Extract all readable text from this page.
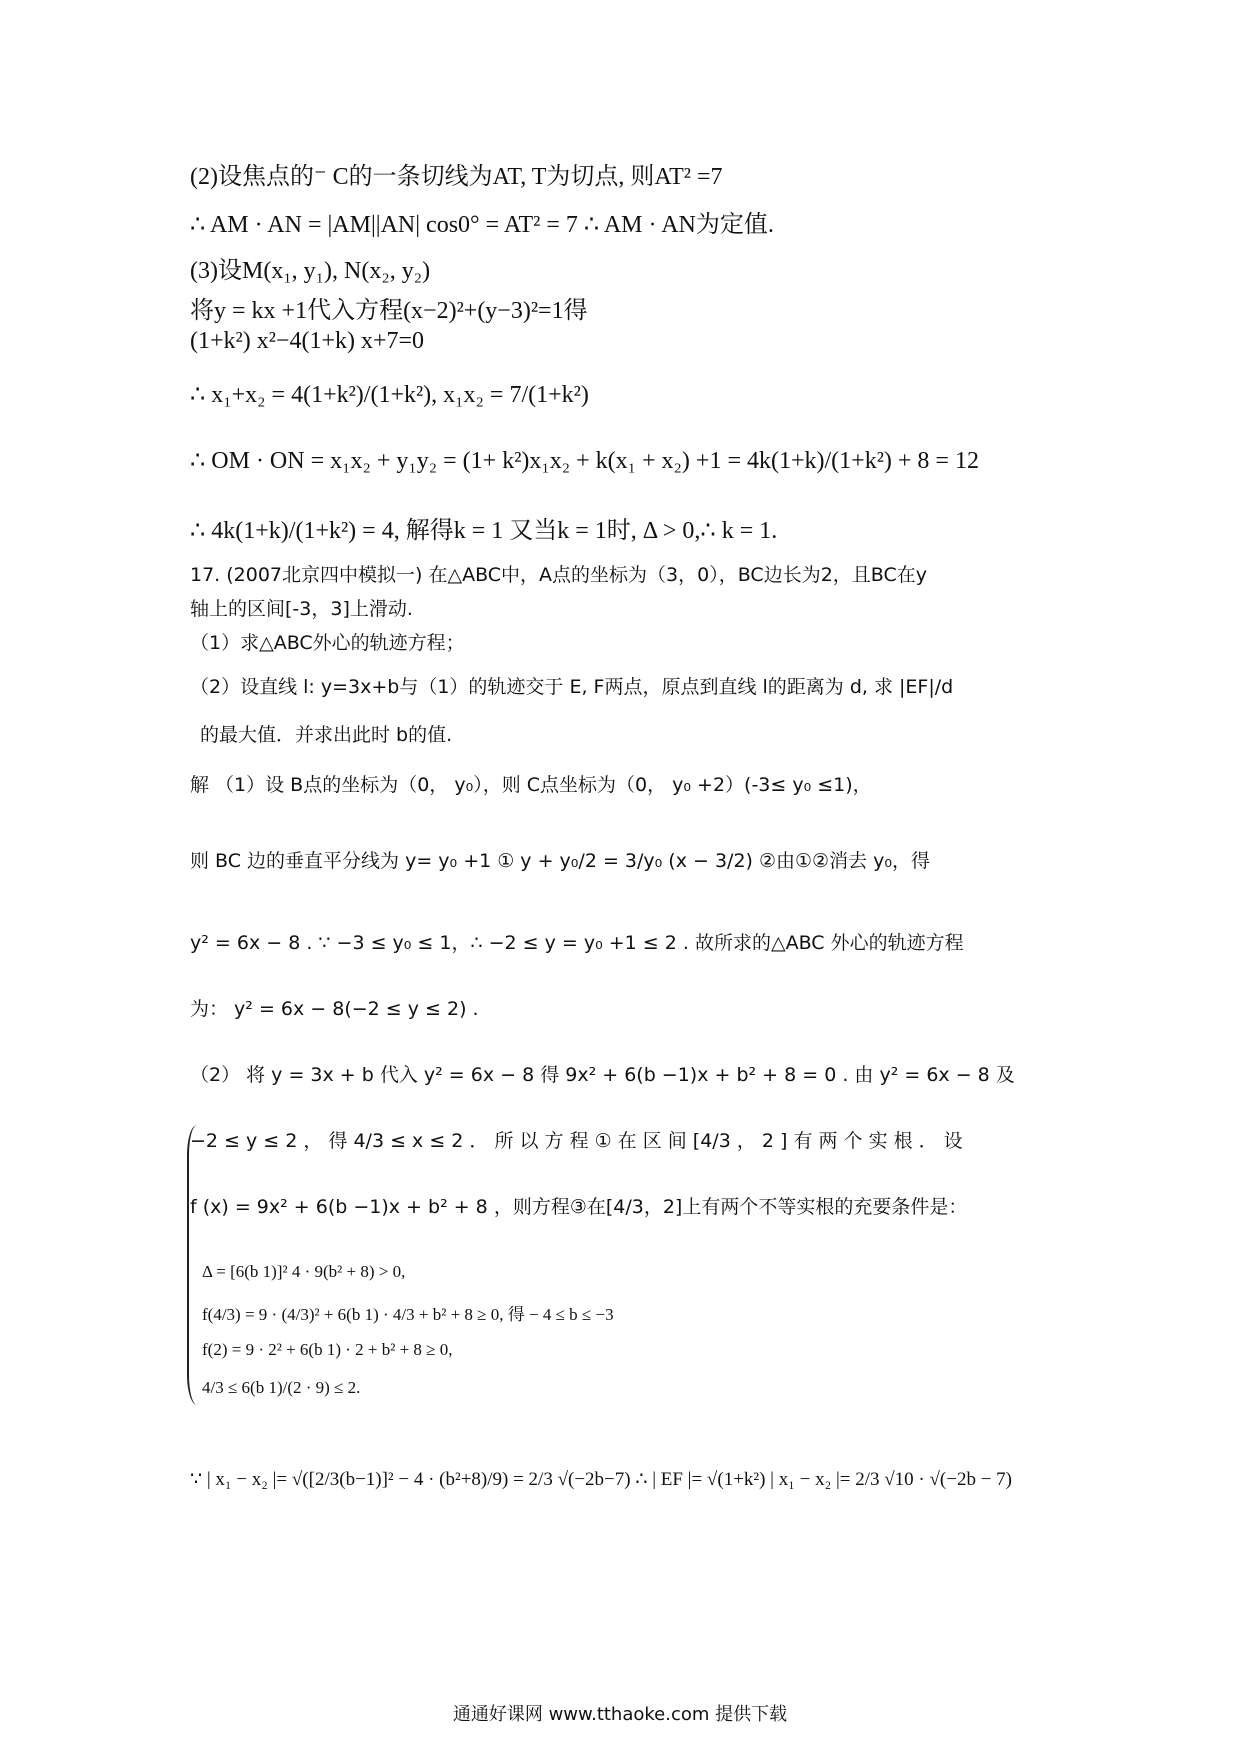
(2)设焦点的⁻ C的一条切线为AT, T为切点, 则AT² =7
∴ AM · AN = |AM||AN| cos0° = AT² = 7 ∴ AM · AN为定值.
(3)设M(x₁, y₁), N(x₂, y₂)
将y = kx +1代入方程(x−2)²+(y−3)²=1得
(1+k²) x²−4(1+k) x+7=0
∴ x₁+x₂ = 4(1+k²)/(1+k²), x₁x₂ = 7/(1+k²)
∴ OM · ON = x₁x₂ + y₁y₂ = (1+ k²)x₁x₂ + k(x₁ + x₂) +1 = 4k(1+k)/(1+k²) + 8 = 12
∴ 4k(1+k)/(1+k²) = 4, 解得k = 1 又当k = 1时, Δ > 0,∴ k = 1.
17. (2007北京四中模拟一) 在△ABC中，A点的坐标为（3，0），BC边长为2，且BC在y
轴上的区间[-3，3]上滑动.
（1）求△ABC外心的轨迹方程；
（2）设直线 l: y=3x+b与（1）的轨迹交于 E, F两点，原点到直线 l的距离为 d, 求 |EF|/d
的最大值．并求出此时 b的值.
解 （1）设 B点的坐标为（0， y₀），则 C点坐标为（0， y₀ +2）(-3≤ y₀ ≤1)，
则 BC 边的垂直平分线为 y= y₀ +1 ① y + y₀/2 = 3/y₀ (x − 3/2) ②由①②消去 y₀，得
y² = 6x − 8 . ∵ −3 ≤ y₀ ≤ 1，∴ −2 ≤ y = y₀ +1 ≤ 2 . 故所求的△ABC 外心的轨迹方程
为： y² = 6x − 8(−2 ≤ y ≤ 2) .
（2） 将 y = 3x + b 代入 y² = 6x − 8 得 9x² + 6(b −1)x + b² + 8 = 0 . 由 y² = 6x − 8 及
−2 ≤ y ≤ 2 ， 得 4/3 ≤ x ≤ 2 ． 所 以 方 程 ① 在 区 间 [4/3 ， 2 ] 有 两 个 实 根 ． 设
f (x) = 9x² + 6(b −1)x + b² + 8 ，则方程③在[4/3，2]上有两个不等实根的充要条件是：
Δ = [6(b 1)]² 4 · 9(b² + 8) > 0,
f(4/3) = 9 · (4/3)² + 6(b 1) · 4/3 + b² + 8 ≥ 0, 得 − 4 ≤ b ≤ −3
f(2) = 9 · 2² + 6(b 1) · 2 + b² + 8 ≥ 0,
4/3 ≤ 6(b 1)/(2 · 9) ≤ 2.
∵ | x₁ − x₂ |= √([2/3(b−1)]² − 4 · (b²+8)/9) = 2/3 √(−2b−7) ∴ | EF |= √(1+k²) | x₁ − x₂ |= 2/3 √10 · √(−2b − 7)
通通好课网 www.tthaoke.com 提供下载
